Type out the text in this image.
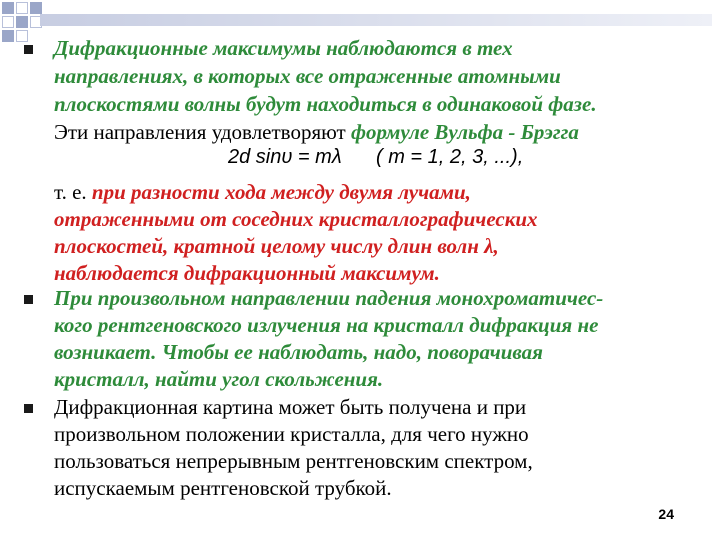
Дифракционные максимумы наблюдаются в тех
направлениях, в которых все отраженные атомными
плоскостями волны будут находиться в одинаковой фазе.
Эти направления удовлетворяют формуле Вульфа - Брэгга
2d sinυ = mλ ( m = 1, 2, 3, ...),
т. е. при разности хода между двумя лучами,
отраженными от соседних кристаллографических
плоскостей, кратной целому числу длин волн λ,
наблюдается дифракционный максимум.
При произвольном направлении падения монохроматичес-
кого рентгеновского излучения на кристалл дифракция не
возникает. Чтобы ее наблюдать, надо, поворачивая
кристалл, найти угол скольжения.
Дифракционная картина может быть получена и при
произвольном положении кристалла, для чего нужно
пользоваться непрерывным рентгеновским спектром,
испускаемым рентгеновской трубкой.
24
